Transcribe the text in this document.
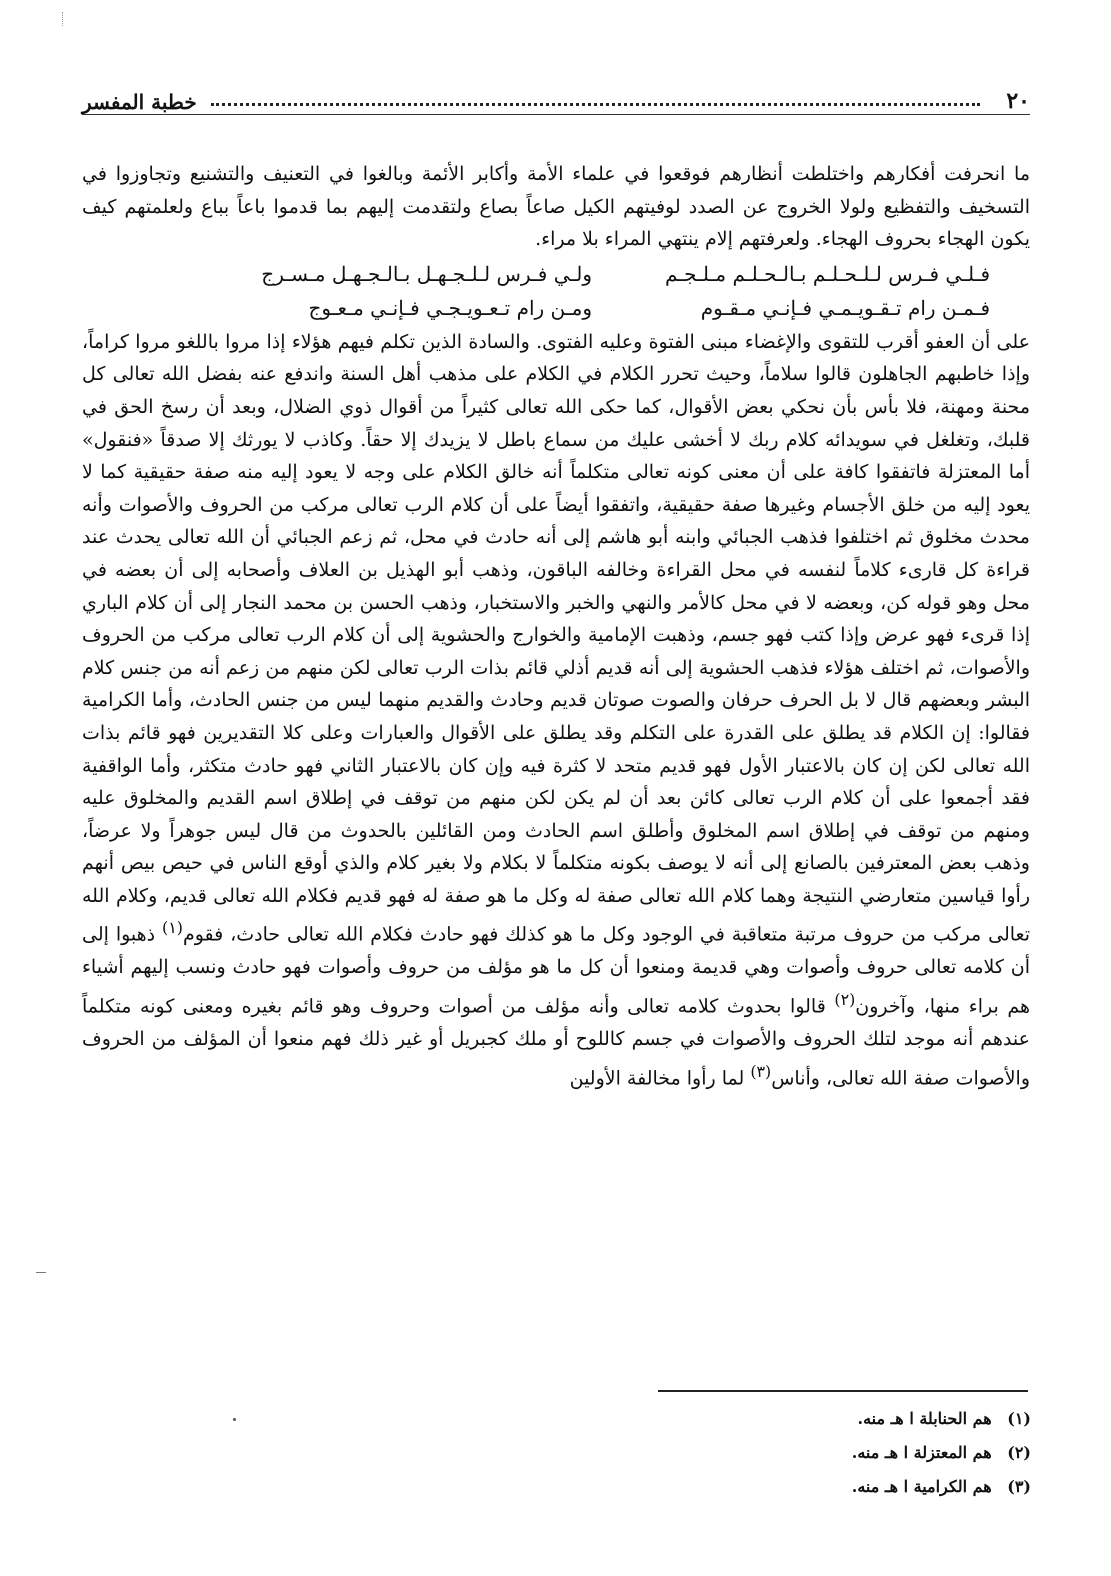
٢٠
خطبة المفسر

ما انحرفت أفكارهم واختلطت أنظارهم فوقعوا في علماء الأمة وأكابر الأئمة وبالغوا في التعنيف والتشنيع وتجاوزوا في التسخيف والتفظيع ولولا الخروج عن الصدد لوفيتهم الكيل صاعاً بصاع ولتقدمت إليهم بما قدموا باعاً بباع ولعلمتهم كيف يكون الهجاء بحروف الهجاء. ولعرفتهم إلام ينتهي المراء بلا مراء.

فـلـي فـرس لـلـحـلـم بـالـحـلـم مـلـجـم
ولـي فـرس لـلـجـهـل بـالـجـهـل مـسـرج
فـمـن رام تـقـويـمـي فـإنـي مـقـوم
ومـن رام تـعـويـجـي فـإنـي مـعـوج

على أن العفو أقرب للتقوى والإغضاء مبنى الفتوة وعليه الفتوى. والسادة الذين تكلم فيهم هؤلاء إذا مروا باللغو مروا كراماً، وإذا خاطبهم الجاهلون قالوا سلاماً، وحيث تحرر الكلام في الكلام على مذهب أهل السنة واندفع عنه بفضل الله تعالى كل محنة ومهنة، فلا بأس بأن نحكي بعض الأقوال، كما حكى الله تعالى كثيراً من أقوال ذوي الضلال، وبعد أن رسخ الحق في قلبك، وتغلغل في سويدائه كلام ربك لا أخشى عليك من سماع باطل لا يزيدك إلا حقاً. وكاذب لا يورثك إلا صدقاً «فنقول» أما المعتزلة فاتفقوا كافة على أن معنى كونه تعالى متكلماً أنه خالق الكلام على وجه لا يعود إليه منه صفة حقيقية كما لا يعود إليه من خلق الأجسام وغيرها صفة حقيقية، واتفقوا أيضاً على أن كلام الرب تعالى مركب من الحروف والأصوات وأنه محدث مخلوق ثم اختلفوا فذهب الجبائي وابنه أبو هاشم إلى أنه حادث في محل، ثم زعم الجبائي أن الله تعالى يحدث عند قراءة كل قارىء كلاماً لنفسه في محل القراءة وخالفه الباقون، وذهب أبو الهذيل بن العلاف وأصحابه إلى أن بعضه في محل وهو قوله كن، وبعضه لا في محل كالأمر والنهي والخبر والاستخبار، وذهب الحسن بن محمد النجار إلى أن كلام الباري إذا قرىء فهو عرض وإذا كتب فهو جسم، وذهبت الإمامية والخوارج والحشوية إلى أن كلام الرب تعالى مركب من الحروف والأصوات، ثم اختلف هؤلاء فذهب الحشوية إلى أنه قديم أذلي قائم بذات الرب تعالى لكن منهم من زعم أنه من جنس كلام البشر وبعضهم قال لا بل الحرف حرفان والصوت صوتان قديم وحادث والقديم منهما ليس من جنس الحادث، وأما الكرامية فقالوا: إن الكلام قد يطلق على القدرة على التكلم وقد يطلق على الأقوال والعبارات وعلى كلا التقديرين فهو قائم بذات الله تعالى لكن إن كان بالاعتبار الأول فهو قديم متحد لا كثرة فيه وإن كان بالاعتبار الثاني فهو حادث متكثر، وأما الواقفية فقد أجمعوا على أن كلام الرب تعالى كائن بعد أن لم يكن لكن منهم من توقف في إطلاق اسم القديم والمخلوق عليه ومنهم من توقف في إطلاق اسم المخلوق وأطلق اسم الحادث ومن القائلين بالحدوث من قال ليس جوهراً ولا عرضاً، وذهب بعض المعترفين بالصانع إلى أنه لا يوصف بكونه متكلماً لا بكلام ولا بغير كلام والذي أوقع الناس في حيص بيص أنهم رأوا قياسين متعارضي النتيجة وهما كلام الله تعالى صفة له وكل ما هو صفة له فهو قديم فكلام الله تعالى قديم، وكلام الله تعالى مركب من حروف مرتبة متعاقبة في الوجود وكل ما هو كذلك فهو حادث فكلام الله تعالى حادث، فقوم$^{(١)}$ ذهبوا إلى أن كلامه تعالى حروف وأصوات وهي قديمة ومنعوا أن كل ما هو مؤلف من حروف وأصوات فهو حادث ونسب إليهم أشياء هم براء منها، وآخرون$^{(٢)}$ قالوا بحدوث كلامه تعالى وأنه مؤلف من أصوات وحروف وهو قائم بغيره ومعنى كونه متكلماً عندهم أنه موجد لتلك الحروف والأصوات في جسم كاللوح أو ملك كجبريل أو غير ذلك فهم منعوا أن المؤلف من الحروف والأصوات صفة الله تعالى، وأناس$^{(٣)}$ لما رأوا مخالفة الأولين

(١) هم الحنابلة ا هـ منه.
(٢) هم المعتزلة ا هـ منه.
(٣) هم الكرامية ا هـ منه.
